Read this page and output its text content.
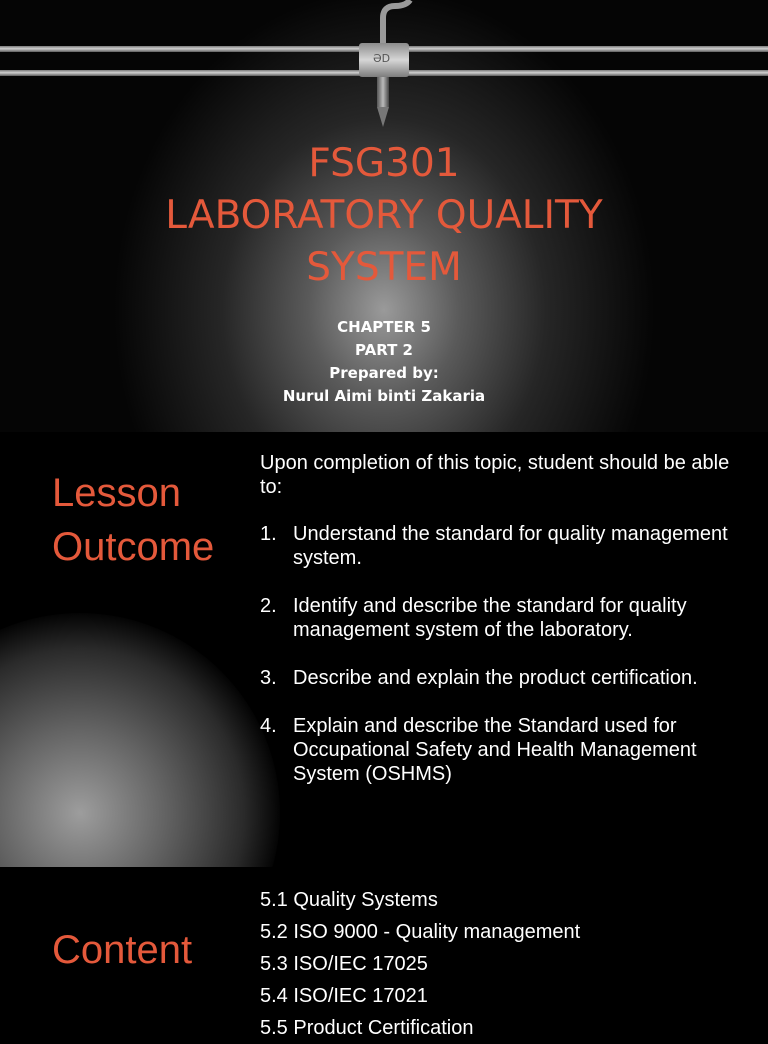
ƏD
FSG301
LABORATORY QUALITY
SYSTEM
CHAPTER 5
PART 2
Prepared by:
Nurul Aimi binti Zakaria
Lesson
Outcome

Upon completion of this topic, student should be able to:

1. Understand the standard for quality management system.
2. Identify and describe the standard for quality management system of the laboratory.
3. Describe and explain the product certification.
4. Explain and describe the Standard used for Occupational Safety and Health Management System (OSHMS)
Content
5.1 Quality Systems
5.2 ISO 9000 - Quality management
5.3 ISO/IEC 17025
5.4 ISO/IEC 17021
5.5 Product Certification
